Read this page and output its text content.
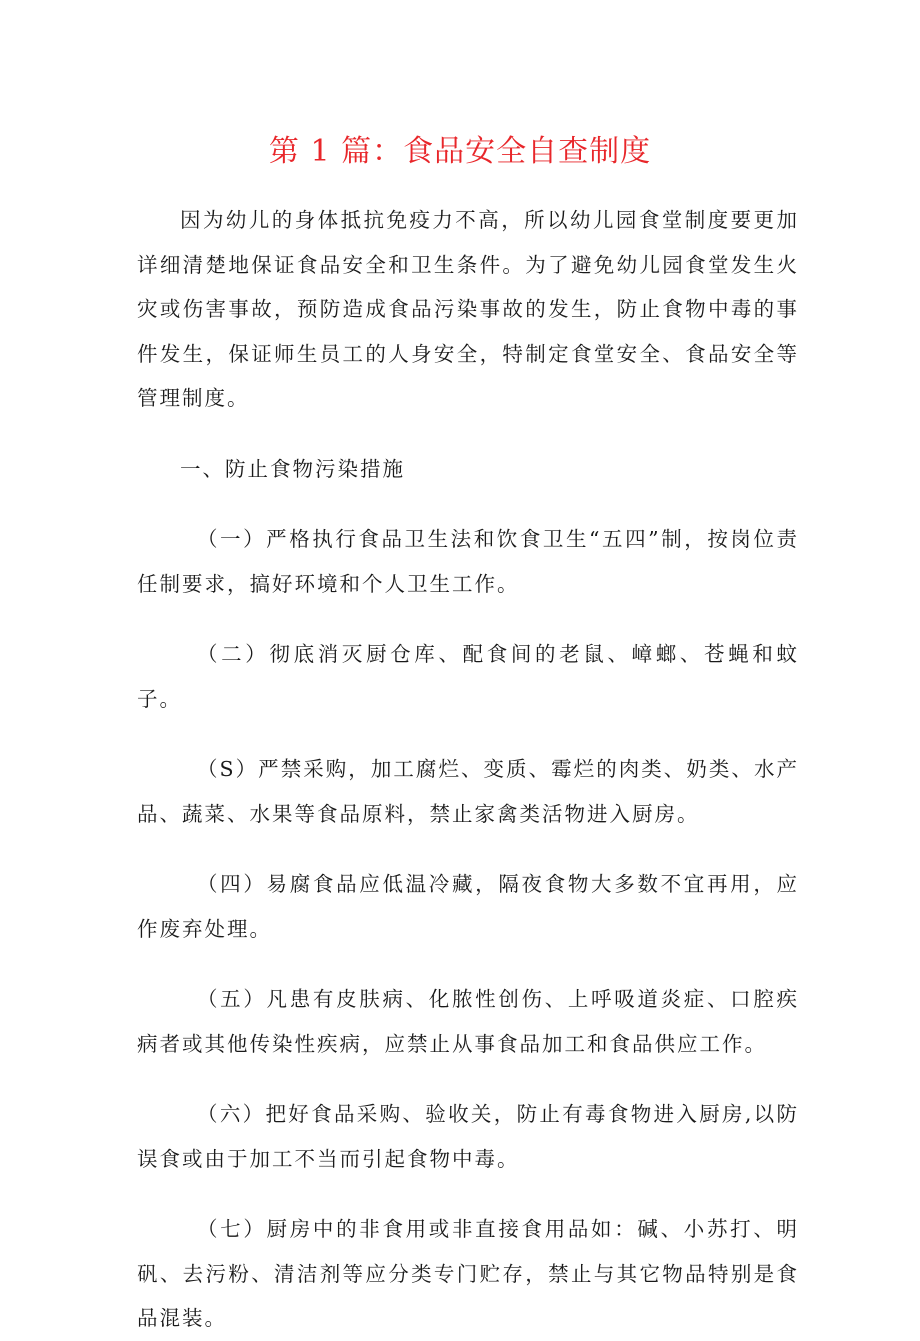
第 1 篇：食品安全自查制度

因为幼儿的身体抵抗免疫力不高，所以幼儿园食堂制度要更加详细清楚地保证食品安全和卫生条件。为了避免幼儿园食堂发生火灾或伤害事故，预防造成食品污染事故的发生，防止食物中毒的事件发生，保证师生员工的人身安全，特制定食堂安全、食品安全等管理制度。

一、防止食物污染措施

（一）严格执行食品卫生法和饮食卫生“五四”制，按岗位责任制要求，搞好环境和个人卫生工作。

（二）彻底消灭厨仓库、配食间的老鼠、嶂螂、苍蝇和蚊子。

（S）严禁采购，加工腐烂、变质、霉烂的肉类、奶类、水产品、蔬菜、水果等食品原料，禁止家禽类活物进入厨房。

（四）易腐食品应低温冷藏，隔夜食物大多数不宜再用，应作废弃处理。

（五）凡患有皮肤病、化脓性创伤、上呼吸道炎症、口腔疾病者或其他传染性疾病，应禁止从事食品加工和食品供应工作。

（六）把好食品采购、验收关，防止有毒食物进入厨房,以防误食或由于加工不当而引起食物中毒。

（七）厨房中的非食用或非直接食用品如：碱、小苏打、明矾、去污粉、清洁剂等应分类专门贮存，禁止与其它物品特别是食品混装。
